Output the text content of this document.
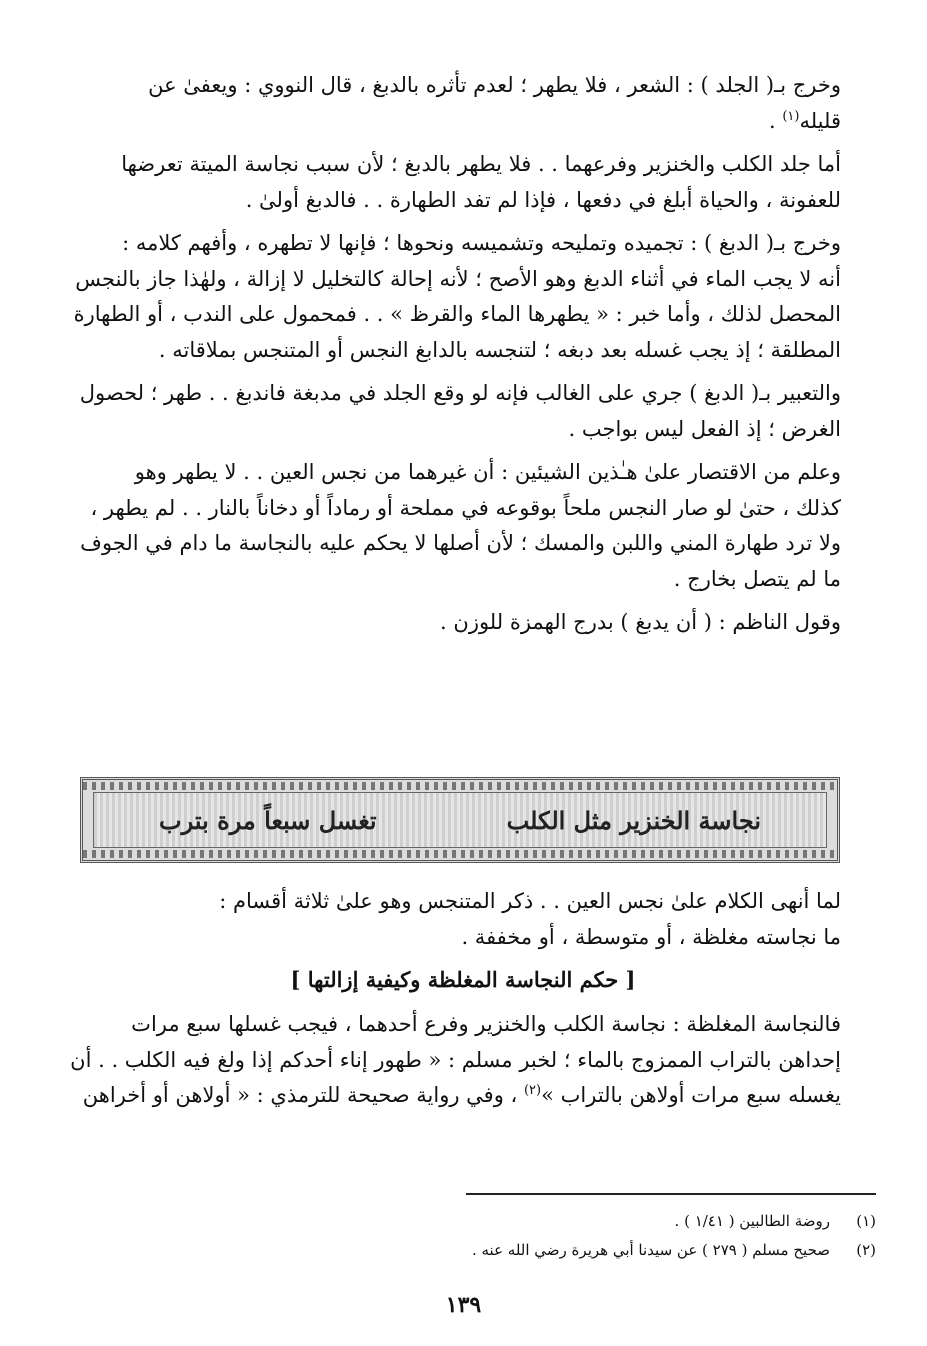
وخرج بـ( الجلد ) : الشعر ، فلا يطهر ؛ لعدم تأثره بالدبغ ، قال النووي : ويعفىٰ عن
قليله$^{(١)}$ .
أما جلد الكلب والخنزير وفرعهما . . فلا يطهر بالدبغ ؛ لأن سبب نجاسة الميتة تعرضها
للعفونة ، والحياة أبلغ في دفعها ، فإذا لم تفد الطهارة . . فالدبغ أولىٰ .
وخرج بـ( الدبغ ) : تجميده وتمليحه وتشميسه ونحوها ؛ فإنها لا تطهره ، وأفهم كلامه :
أنه لا يجب الماء في أثناء الدبغ وهو الأصح ؛ لأنه إحالة كالتخليل لا إزالة ، ولهٰذا جاز بالنجس
المحصل لذلك ، وأما خبر : « يطهرها الماء والقرظ » . . فمحمول على الندب ، أو الطهارة
المطلقة ؛ إذ يجب غسله بعد دبغه ؛ لتنجسه بالدابغ النجس أو المتنجس بملاقاته .
والتعبير بـ( الدبغ ) جري على الغالب فإنه لو وقع الجلد في مدبغة فاندبغ . . طهر ؛ لحصول
الغرض ؛ إذ الفعل ليس بواجب .
وعلم من الاقتصار علىٰ هـٰذين الشيئين : أن غيرهما من نجس العين . . لا يطهر وهو
كذلك ، حتىٰ لو صار النجس ملحاً بوقوعه في مملحة أو رماداً أو دخاناً بالنار . . لم يطهر ،
ولا ترد طهارة المني واللبن والمسك ؛ لأن أصلها لا يحكم عليه بالنجاسة ما دام في الجوف
ما لم يتصل بخارج .
وقول الناظم : ( أن يدبغ ) بدرج الهمزة للوزن .
نجاسة الخنزير مثل الكلب
تغسل سبعاً مرة بترب
لما أنهى الكلام علىٰ نجس العين . . ذكر المتنجس وهو علىٰ ثلاثة أقسام :
ما نجاسته مغلظة ، أو متوسطة ، أو مخففة .
[ حكم النجاسة المغلظة وكيفية إزالتها ]
فالنجاسة المغلظة : نجاسة الكلب والخنزير وفرع أحدهما ، فيجب غسلها سبع مرات
إحداهن بالتراب الممزوج بالماء ؛ لخبر مسلم : « طهور إناء أحدكم إذا ولغ فيه الكلب . . أن
يغسله سبع مرات أولاهن بالتراب »$^{(٢)}$ ، وفي رواية صحيحة للترمذي : « أولاهن أو أخراهن
(١)
روضة الطالبين ( ١/٤١ ) .
(٢)
صحيح مسلم ( ٢٧٩ ) عن سيدنا أبي هريرة رضي الله عنه .
١٣٩
